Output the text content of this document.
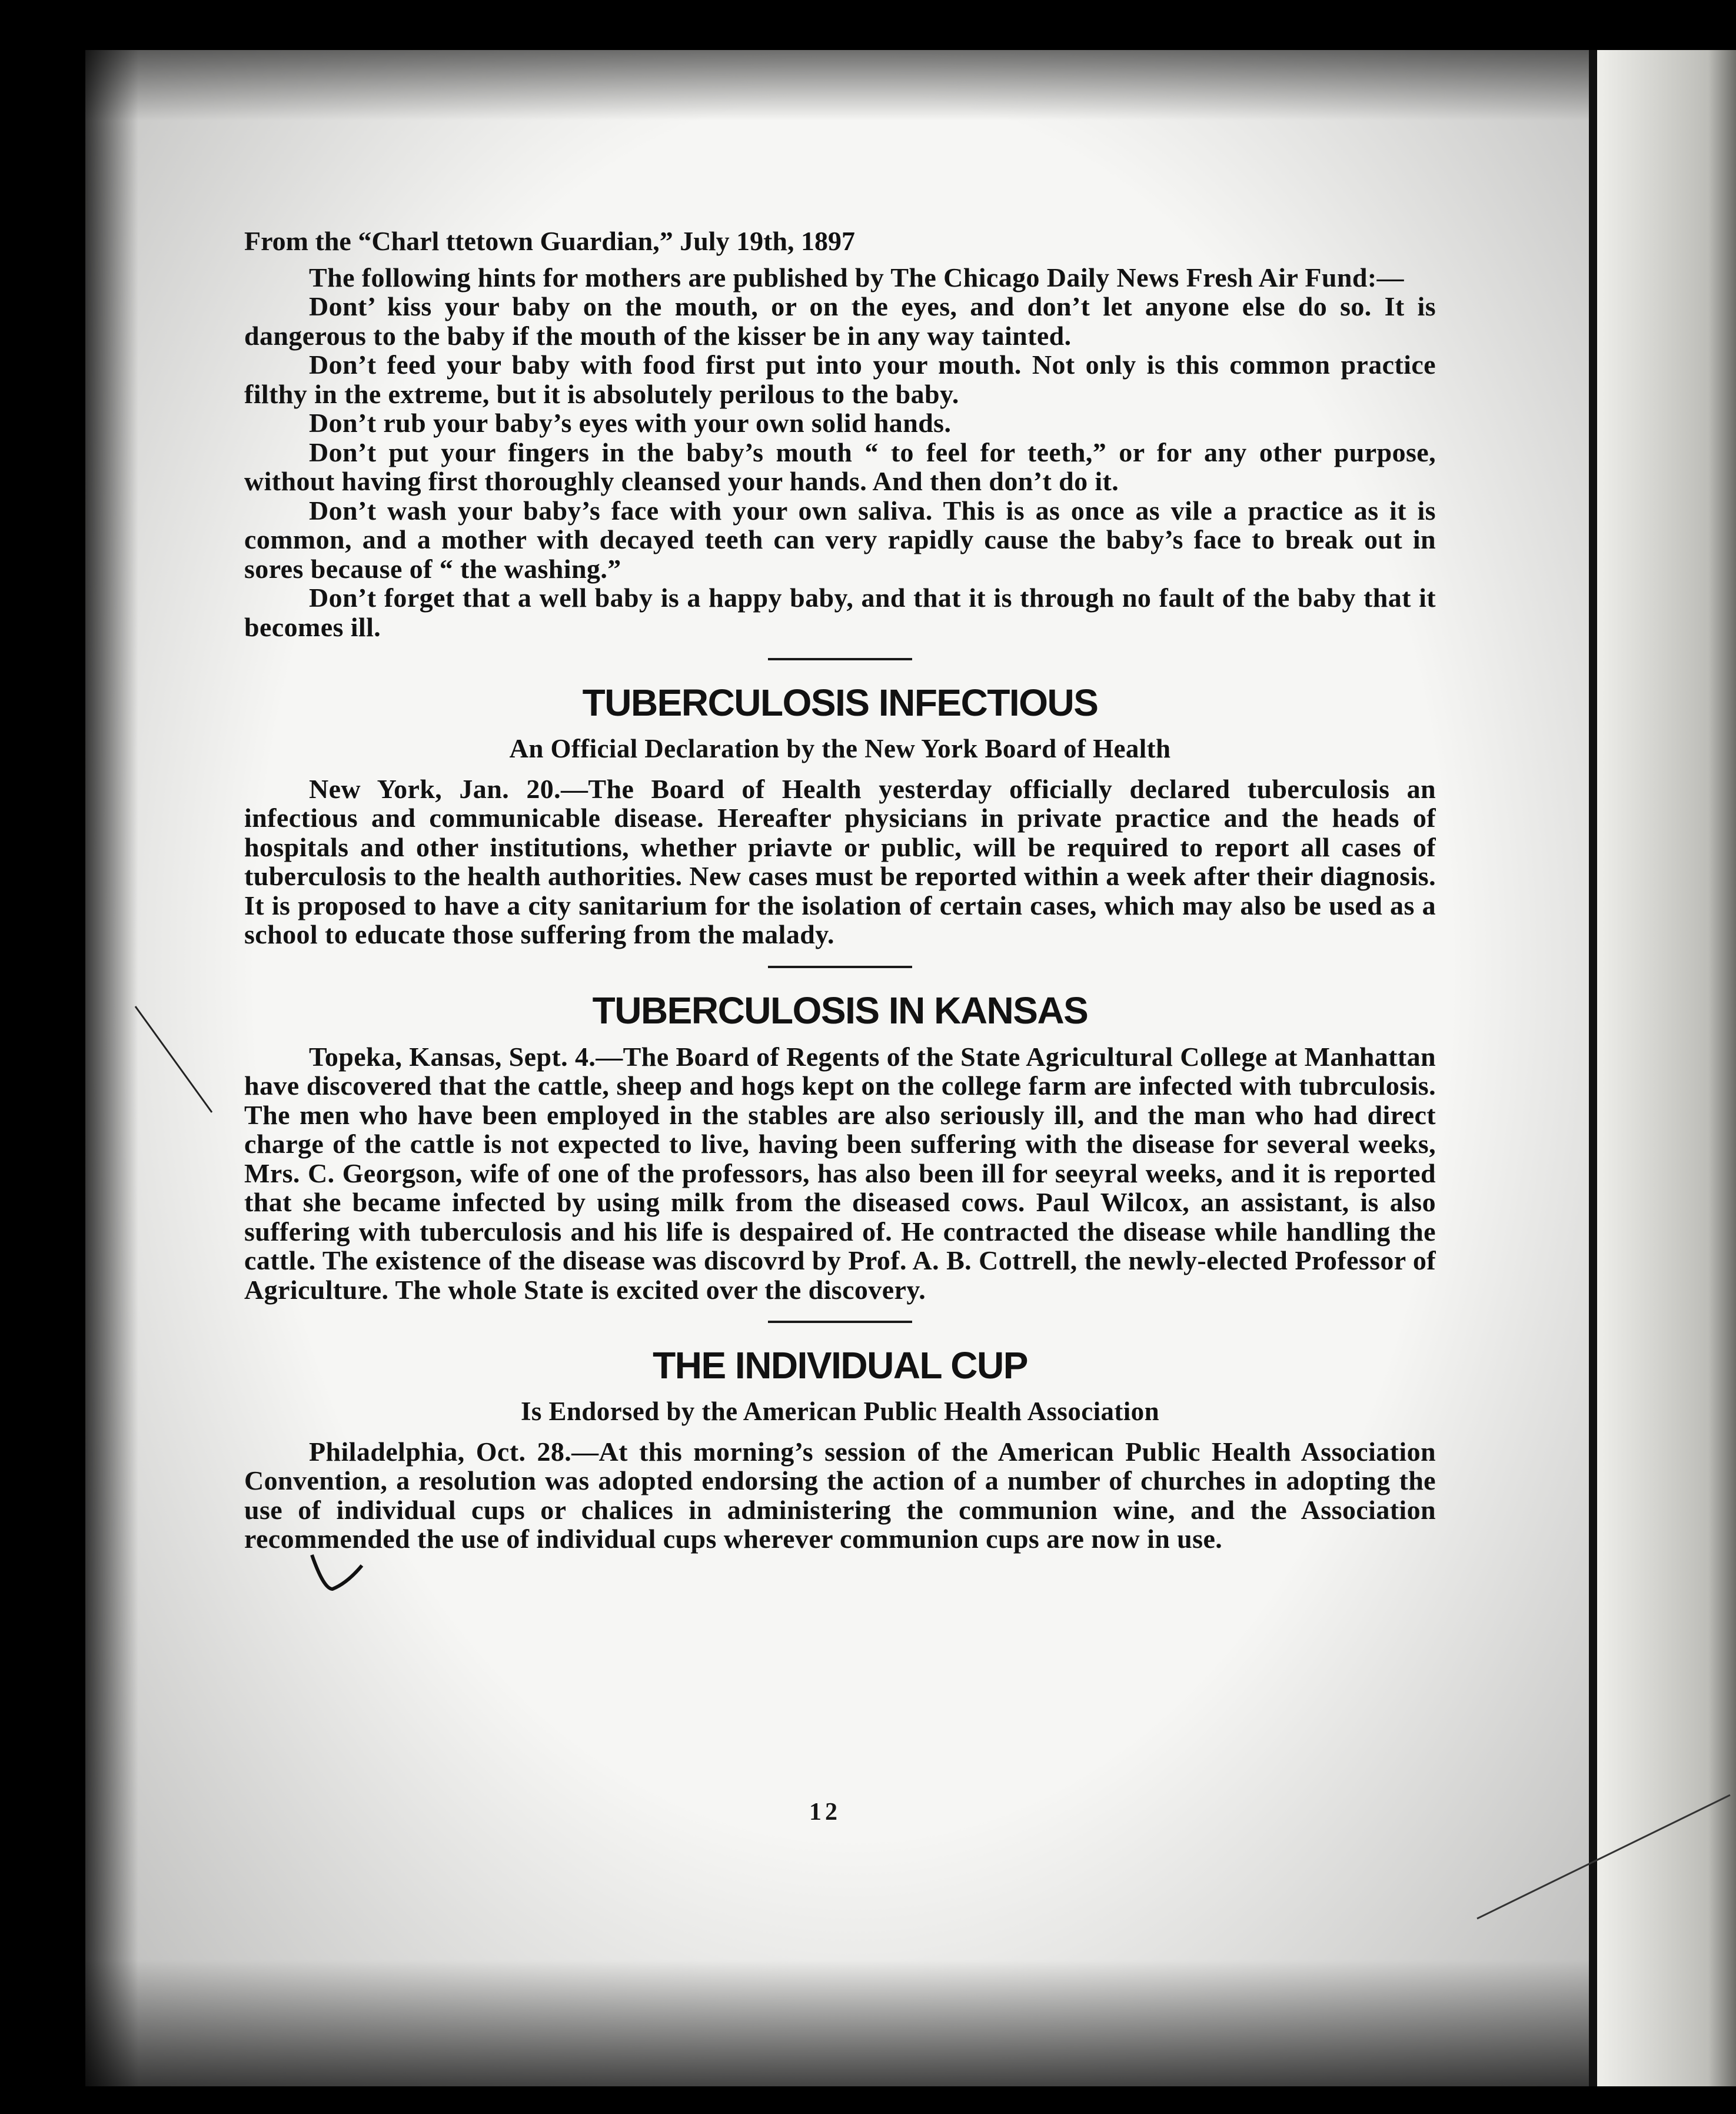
From the “Charl ttetown Guardian,” July 19th, 1897

The following hints for mothers are published by The Chicago Daily News Fresh Air Fund:—

Dont’ kiss your baby on the mouth, or on the eyes, and don’t let anyone else do so. It is dangerous to the baby if the mouth of the kisser be in any way tainted.

Don’t feed your baby with food first put into your mouth. Not only is this common practice filthy in the extreme, but it is absolutely perilous to the baby.

Don’t rub your baby’s eyes with your own solid hands.

Don’t put your fingers in the baby’s mouth “ to feel for teeth,” or for any other purpose, without having first thoroughly cleansed your hands. And then don’t do it.

Don’t wash your baby’s face with your own saliva. This is as once as vile a practice as it is common, and a mother with decayed teeth can very rapidly cause the baby’s face to break out in sores because of “ the washing.”

Don’t forget that a well baby is a happy baby, and that it is through no fault of the baby that it becomes ill.

TUBERCULOSIS INFECTIOUS
An Official Declaration by the New York Board of Health

New York, Jan. 20.—The Board of Health yesterday officially declared tuberculosis an infectious and communicable disease. Hereafter physicians in private practice and the heads of hospitals and other institutions, whether priavte or public, will be required to report all cases of tuberculosis to the health authorities. New cases must be reported within a week after their diagnosis. It is proposed to have a city sanitarium for the isolation of certain cases, which may also be used as a school to educate those suffering from the malady.

TUBERCULOSIS IN KANSAS

Topeka, Kansas, Sept. 4.—The Board of Regents of the State Agricultural College at Manhattan have discovered that the cattle, sheep and hogs kept on the college farm are infected with tubrculosis. The men who have been employed in the stables are also seriously ill, and the man who had direct charge of the cattle is not expected to live, having been suffering with the disease for several weeks, Mrs. C. Georgson, wife of one of the professors, has also been ill for seeyral weeks, and it is reported that she became infected by using milk from the diseased cows. Paul Wilcox, an assistant, is also suffering with tuberculosis and his life is despaired of. He contracted the disease while handling the cattle. The existence of the disease was discovrd by Prof. A. B. Cottrell, the newly-elected Professor of Agriculture. The whole State is excited over the discovery.

THE INDIVIDUAL CUP
Is Endorsed by the American Public Health Association

Philadelphia, Oct. 28.—At this morning’s session of the American Public Health Association Convention, a resolution was adopted endorsing the action of a number of churches in adopting the use of individual cups or chalices in administering the communion wine, and the Association recommended the use of individual cups wherever communion cups are now in use.

12
